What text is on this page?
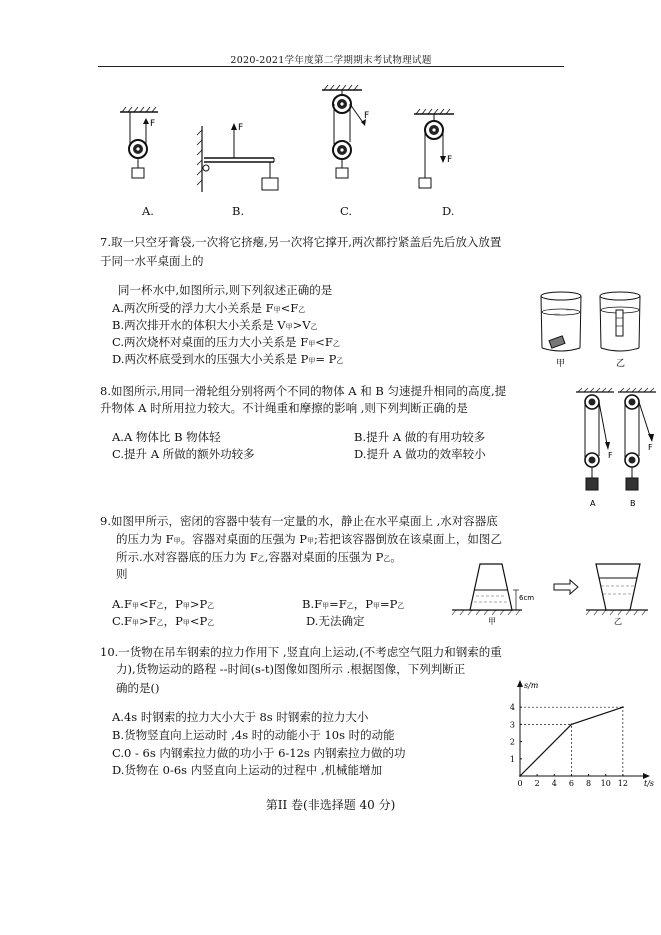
2020-2021学年度第二学期期末考试物理试题
F
A.
F
B.
F
C.
F
D.
7.取一只空牙膏袋,一次将它挤瘪,另一次将它撑开,两次都拧紧盖后先后放入放置
于同一水平桌面上的
同一杯水中,如图所示,则下列叙述正确的是
A.两次所受的浮力大小关系是 F甲<F乙
B.两次排开水的体积大小关系是 V甲>V乙
C.两次烧杯对桌面的压力大小关系是 F甲<F乙
D.两次杯底受到水的压强大小关系是 P甲= P乙	甲	乙
8.如图所示,用同一滑轮组分别将两个不同的物体 A 和 B 匀速提升相同的高度,提
升物体 A 时所用拉力较大。不计绳重和摩擦的影响 ,则下列判断正确的是
A.A 物体比 B 物体轻	B.提升 A 做的有用功较多
C.提升 A 所做的额外功较多	D.提升 A 做功的效率较小	F
A
F
B
9.如图甲所示，密闭的容器中装有一定量的水，静止在水平桌面上 ,水对容器底
的压力为 F甲。容器对桌面的压强为 P甲;若把该容器倒放在该桌面上，如图乙
所示.水对容器底的压力为 F乙,容器对桌面的压强为 P乙。
则
A.F甲<F乙，P甲>P乙	B.F甲=F乙，P甲=P乙
C.F甲>F乙，P甲<P乙	D.无法确定
6cm
甲	乙
10.一货物在吊车钢索的拉力作用下 ,竖直向上运动,(不考虑空气阻力和钢索的重
力),货物运动的路程 --时间(s-t)图像如图所示 .根据图像，下列判断正
确的是()
A.4s 时钢索的拉力大小大于 8s 时钢索的拉力大小
B.货物竖直向上运动时 ,4s 时的动能小于 10s 时的动能
C.0 - 6s 内钢索拉力做的功小于 6-12s 内钢索拉力做的功
D.货物在 0-6s 内竖直向上运动的过程中 ,机械能增加
0 2 4 6 8 10 12
1
2
3
4
t/s
s/m
第II 卷(非选择题 40 分)
